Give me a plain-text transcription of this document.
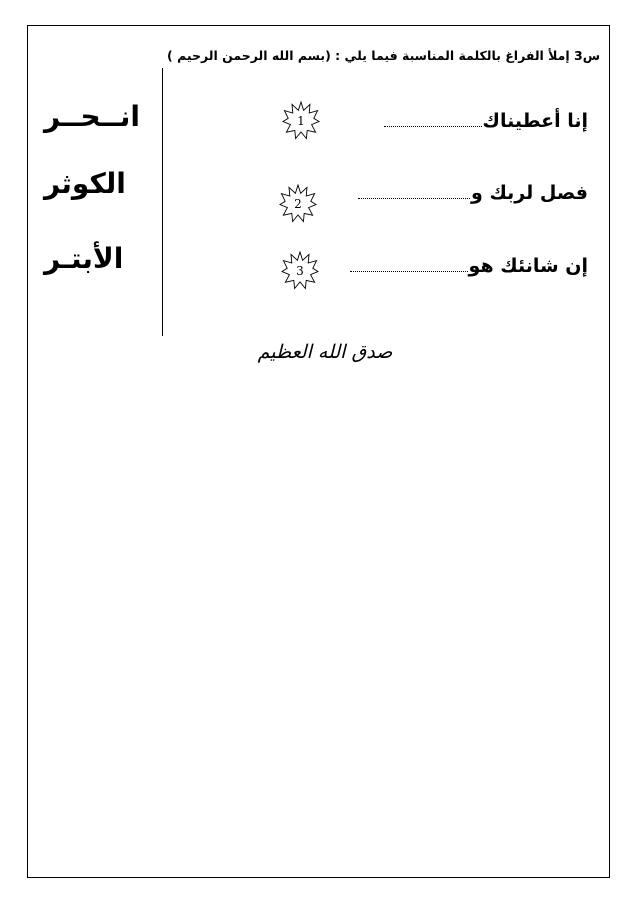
س3 إملأ الفراغ بالكلمة المناسبة فيما يلي : (بسم الله الرحمن الرحيم )
انــحــر
الكوثر
الأبتـر
إنا أعطيناك
فصل لربك و
إن شانئك هو
1
2
3
صدق الله العظيم
